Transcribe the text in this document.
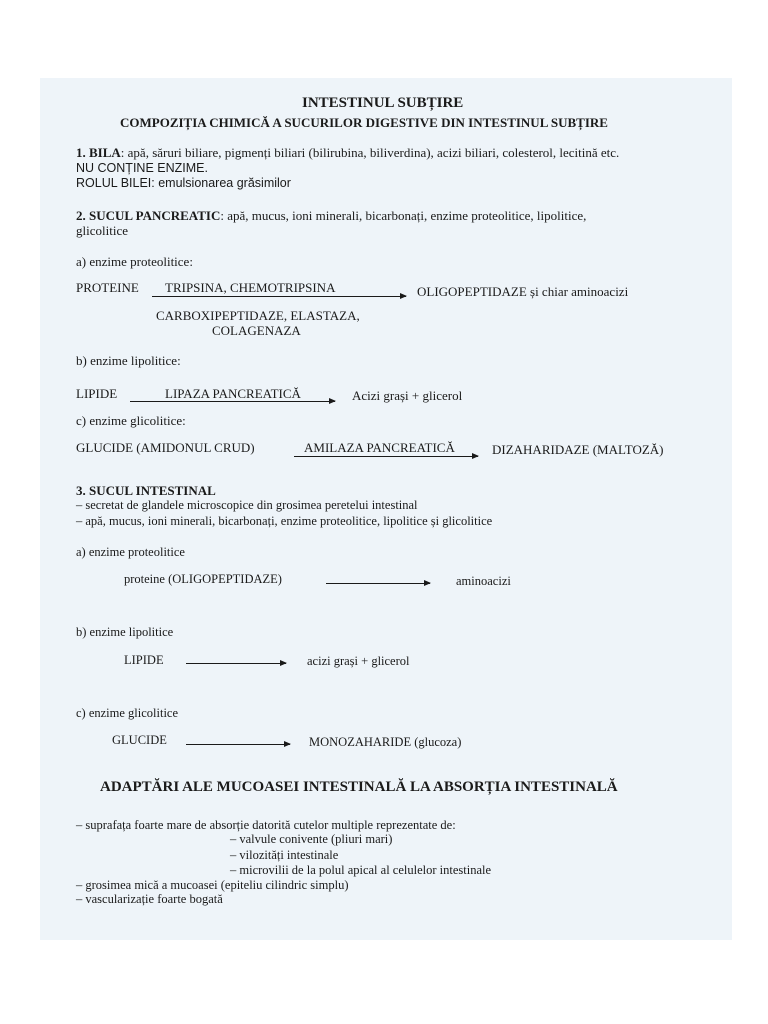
INTESTINUL SUBȚIRE
COMPOZIȚIA CHIMICĂ A SUCURILOR DIGESTIVE DIN INTESTINUL SUBȚIRE
1. BILA: apă, săruri biliare, pigmenți biliari (bilirubina, biliverdina), acizi biliari, colesterol, lecitină etc.
NU CONȚINE ENZIME.
ROLUL BILEI: emulsionarea grăsimilor
2. SUCUL PANCREATIC: apă, mucus, ioni minerali, bicarbonați, enzime proteolitice, lipolitice,
glicolitice
a) enzime proteolitice:
PROTEINE TRIPSINA, CHEMOTRIPSINA	OLIGOPEPTIDAZE și chiar aminoacizi
CARBOXIPEPTIDAZE, ELASTAZA,
COLAGENAZA
b) enzime lipolitice:
LIPIDE	LIPAZA PANCREATICĂ	Acizi grași + glicerol
c) enzime glicolitice:
GLUCIDE (AMIDONUL CRUD)	AMILAZA PANCREATICĂ	DIZAHARIDAZE (MALTOZĂ)
3. SUCUL INTESTINAL
– secretat de glandele microscopice din grosimea peretelui intestinal
– apă, mucus, ioni minerali, bicarbonați, enzime proteolitice, lipolitice și glicolitice
a) enzime proteolitice
proteine (OLIGOPEPTIDAZE)	aminoacizi
b) enzime lipolitice
LIPIDE	acizi grași + glicerol
c) enzime glicolitice
GLUCIDE	MONOZAHARIDE (glucoza)
ADAPTĂRI ALE MUCOASEI INTESTINALĂ LA ABSORȚIA INTESTINALĂ
– suprafața foarte mare de absorție datorită cutelor multiple reprezentate de:
– valvule conivente (pliuri mari)
– vilozități intestinale
– microvilii de la polul apical al celulelor intestinale
– grosimea mică a mucoasei (epiteliu cilindric simplu)
– vascularizație foarte bogată
